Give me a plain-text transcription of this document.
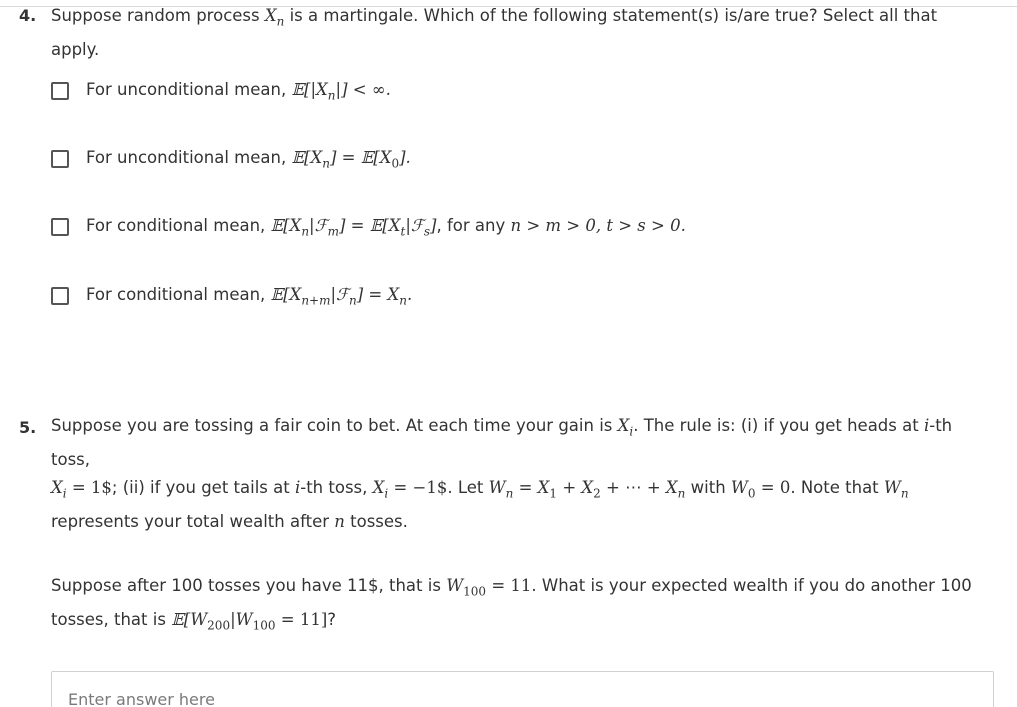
4. Suppose random process $X_n$ is a martingale. Which of the following statement(s) is/are true? Select all that apply.
For unconditional mean, $𝔼[|X_n|]$ < ∞.
For unconditional mean, $𝔼[X_n]$ = $𝔼[X_0]$.
For conditional mean, $𝔼[X_n|ℱ_m]$ = $𝔼[X_t|ℱ_s]$, for any n > m > 0, t > s > 0.
For conditional mean, $𝔼[X_{n+m}|ℱ_n] = X_n$.
5. Suppose you are tossing a fair coin to bet. At each time your gain is $X_i$. The rule is: (i) if you get heads at i-th toss,
$X_i$ = 1$; (ii) if you get tails at i-th toss, $X_i$ = −1$. Let $W_n = X_1 + X_2$ + ⋯ + $X_n$ with $W_0 = 0$. Note that $W_n$
represents your total wealth after n tosses.
Suppose after 100 tosses you have 11$, that is $W_{100} = 11$. What is your expected wealth if you do another 100
tosses, that is $𝔼[W_{200}|W_{100} = 11]$?
Enter answer here
